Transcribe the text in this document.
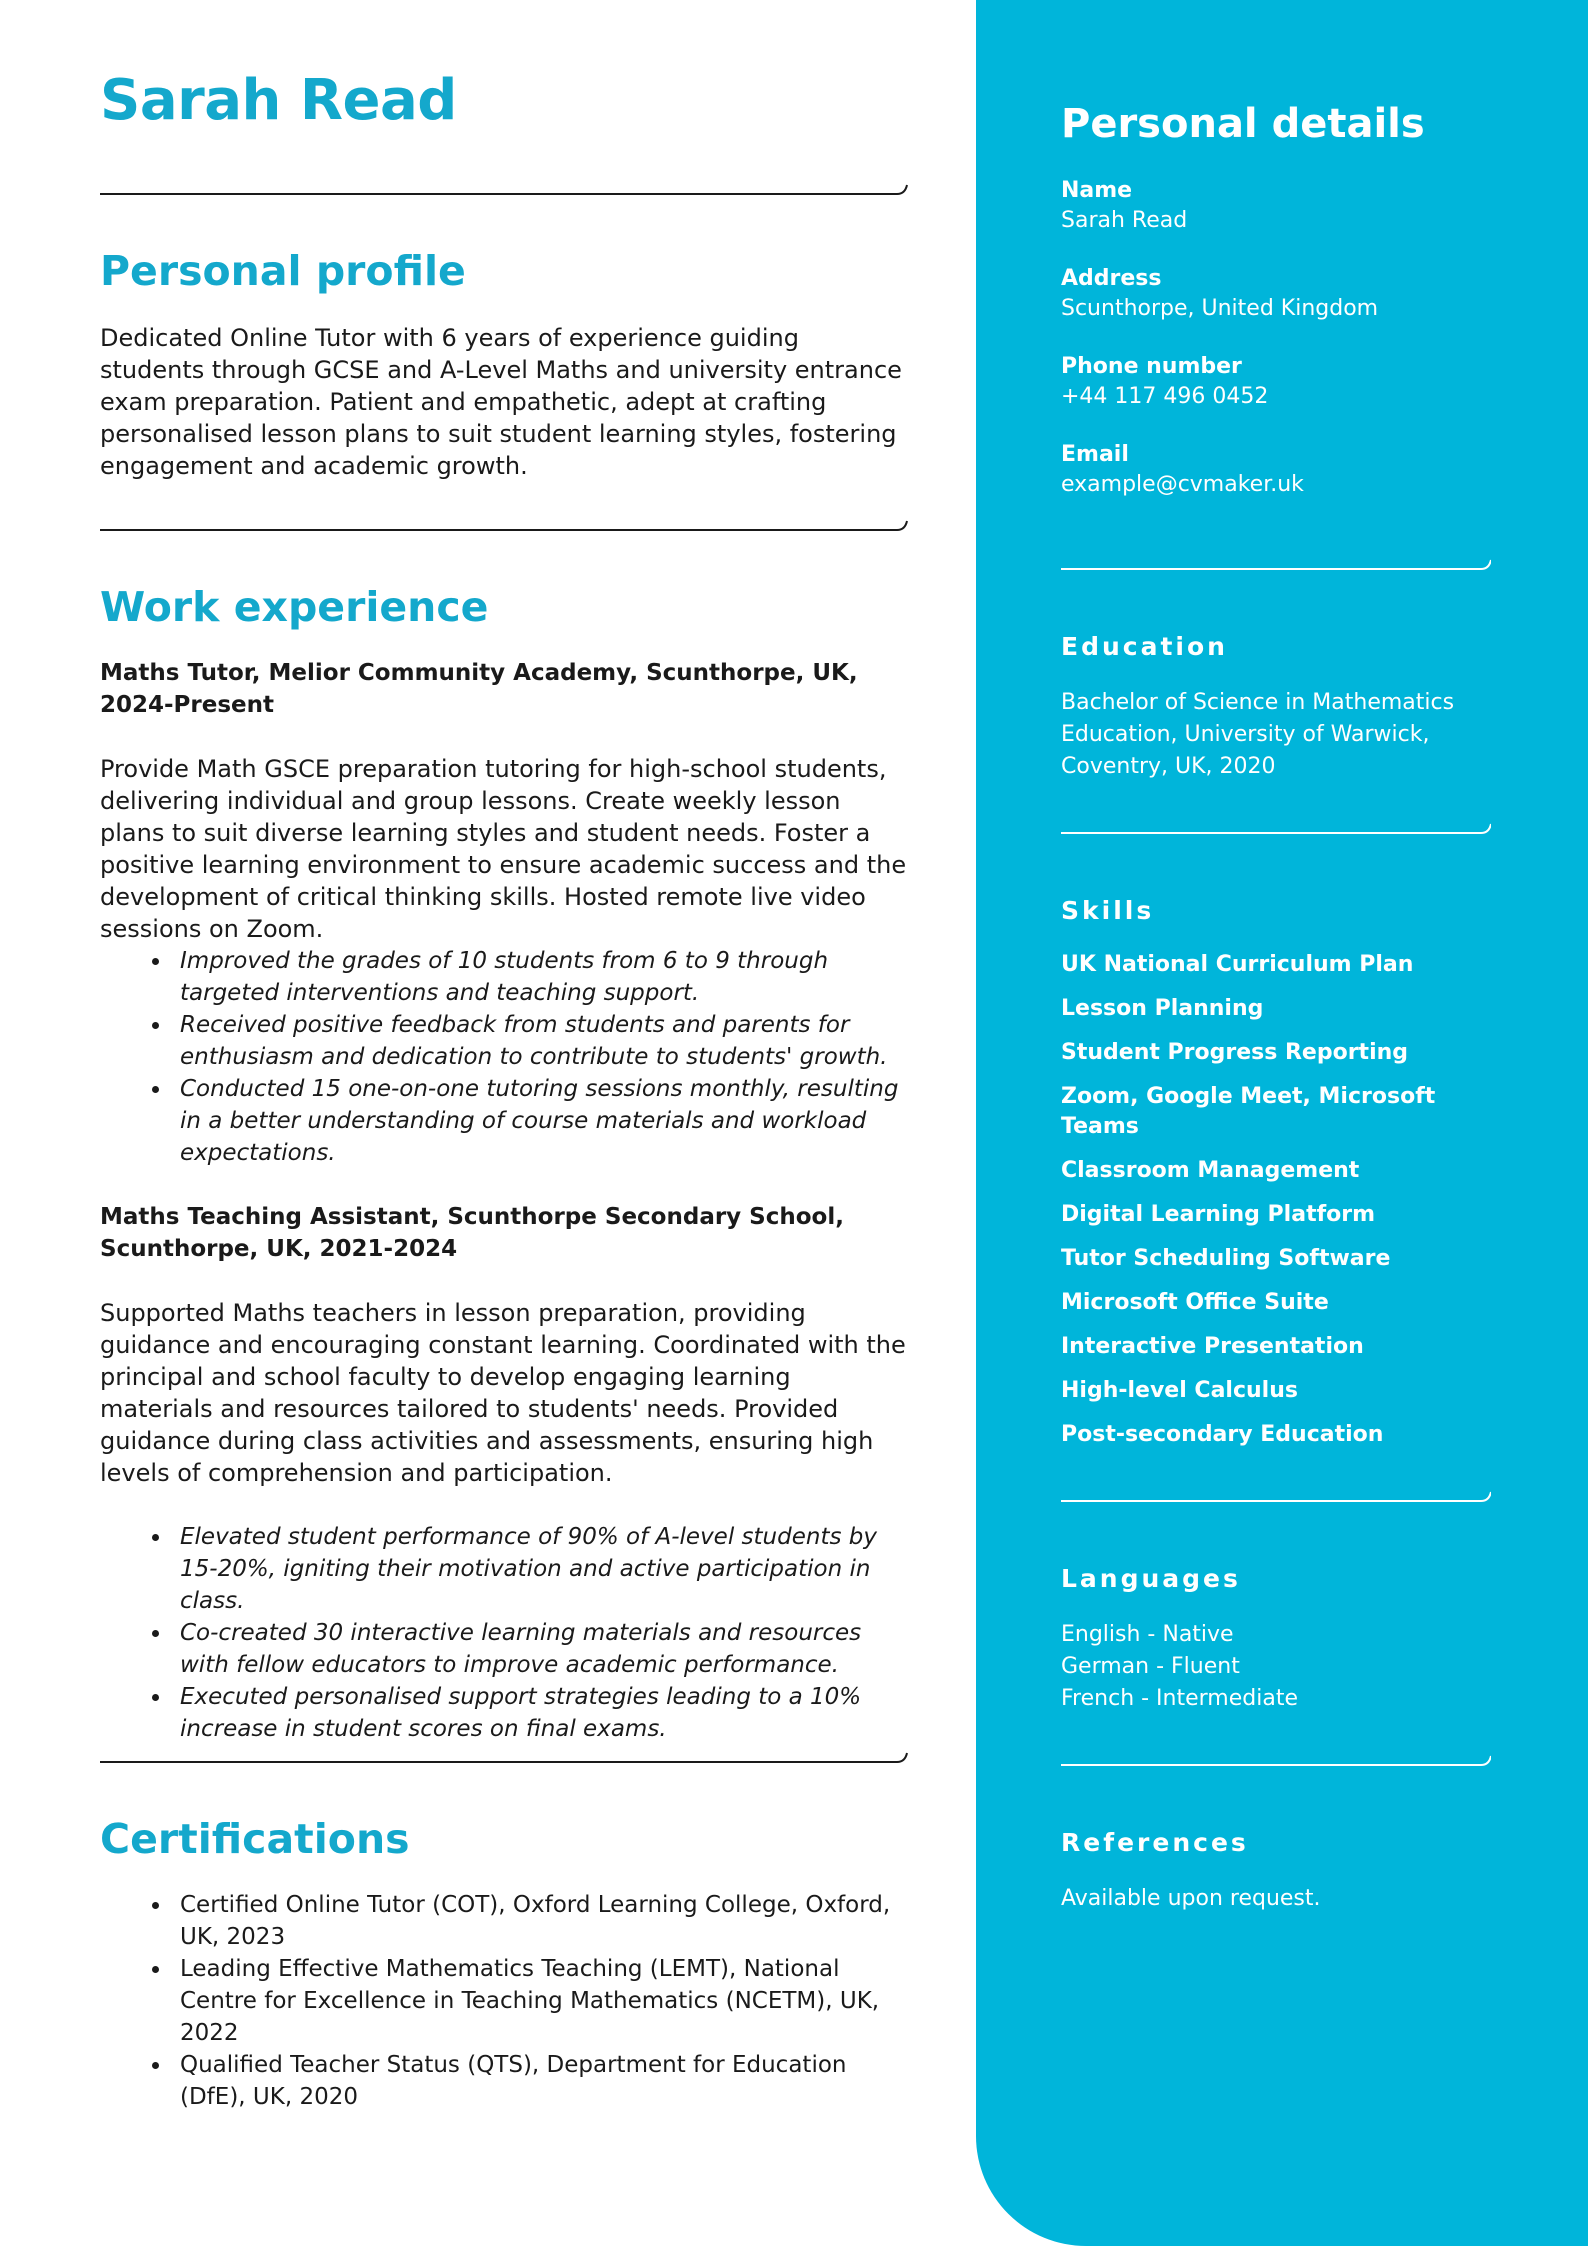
Sarah Read
Personal profile

Dedicated Online Tutor with 6 years of experience guiding students through GCSE and A-Level Maths and university entrance exam preparation. Patient and empathetic, adept at crafting personalised lesson plans to suit student learning styles, fostering engagement and academic growth.

Work experience

Maths Tutor, Melior Community Academy, Scunthorpe, UK, 2024-Present

Provide Math GSCE preparation tutoring for high-school students, delivering individual and group lessons. Create weekly lesson plans to suit diverse learning styles and student needs. Foster a positive learning environment to ensure academic success and the development of critical thinking skills. Hosted remote live video sessions on Zoom.

Improved the grades of 10 students from 6 to 9 through targeted interventions and teaching support.
Received positive feedback from students and parents for enthusiasm and dedication to contribute to students' growth.
Conducted 15 one-on-one tutoring sessions monthly, resulting in a better understanding of course materials and workload expectations.

Maths Teaching Assistant, Scunthorpe Secondary School, Scunthorpe, UK, 2021-2024

Supported Maths teachers in lesson preparation, providing guidance and encouraging constant learning. Coordinated with the principal and school faculty to develop engaging learning materials and resources tailored to students' needs. Provided guidance during class activities and assessments, ensuring high levels of comprehension and participation.

Elevated student performance of 90% of A-level students by 15-20%, igniting their motivation and active participation in class.
Co-created 30 interactive learning materials and resources with fellow educators to improve academic performance.
Executed personalised support strategies leading to a 10% increase in student scores on final exams.
Certifications
Certified Online Tutor (COT), Oxford Learning College, Oxford, UK, 2023
Leading Effective Mathematics Teaching (LEMT), National Centre for Excellence in Teaching Mathematics (NCETM), UK, 2022
Qualified Teacher Status (QTS), Department for Education (DfE), UK, 2020
Personal details

Name

Sarah Read

Address

Scunthorpe, United Kingdom

Phone number

+44 117 496 0452

Email

example@cvmaker.uk

Education

Bachelor of Science in Mathematics Education, University of Warwick, Coventry, UK, 2020

Skills

UK National Curriculum Plan

Lesson Planning

Student Progress Reporting

Zoom, Google Meet, Microsoft Teams

Classroom Management

Digital Learning Platform

Tutor Scheduling Software

Microsoft Office Suite

Interactive Presentation

High-level Calculus

Post-secondary Education

Languages

English - Native

German - Fluent

French - Intermediate

References

Available upon request.
